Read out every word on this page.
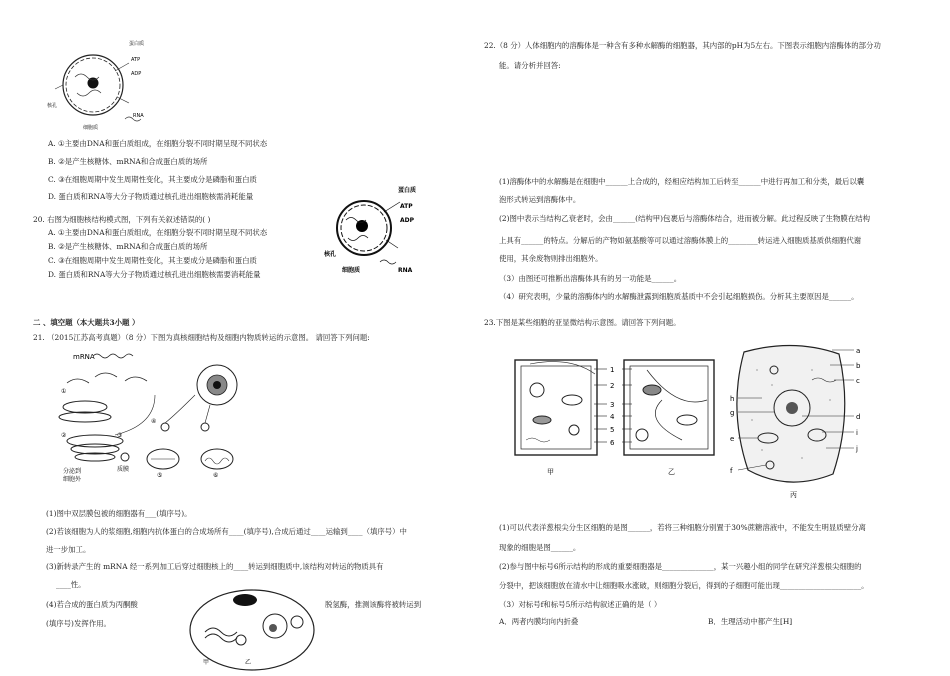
蛋白质
ATP
ADP
核孔
RNA
细胞质
A. ①主要由DNA和蛋白质组成，在细胞分裂不同时期呈现不同状态
B. ②是产生核糖体、mRNA和合成蛋白质的场所
C. ③在细胞周期中发生周期性变化，其主要成分是磷脂和蛋白质
D. 蛋白质和RNA等大分子物质通过核孔进出细胞核需消耗能量
20. 右图为细胞核结构模式图，下列有关叙述错误的( )
A. ①主要由DNA和蛋白质组成，在细胞分裂不同时期呈现不同状态
B. ②是产生核糖体、mRNA和合成蛋白质的场所
C. ③在细胞周期中发生周期性变化，其主要成分是磷脂和蛋白质
D. 蛋白质和RNA等大分子物质通过核孔进出细胞核需要消耗能量
蛋白质
ATP
ADP
核孔
RNA
细胞质
二 、填空题（本大题共3小题 ）
21. （2015江苏高考真题）（8 分）下图为真核细胞结构及细胞内物质转运的示意图。 请回答下列问题:
mRNA
分泌到
细胞外
质膜
①
②	③
④
⑤	⑥
(1)图中双层膜包被的细胞器有___(填序号)。
(2)若该细胞为人的浆细胞,细胞内抗体蛋白的合成场所有____(填序号),合成后通过____运输到____（填序号）中
进一步加工。
(3)新转录产生的 mRNA 经一系列加工后穿过细胞核上的____转运到细胞质中,该结构对转运的物质具有
____性。
(4)若合成的蛋白质为丙酮酸	脱氢酶，推测该酶将被转运到
(填序号)发挥作用。
甲	乙
22.（8 分）人体细胞内的溶酶体是一种含有多种水解酶的细胞器，其内部的pH为5左右。下图表示细胞内溶酶体的部分功
能。请分析并回答:
(1)溶酶体中的水解酶是在细胞中______上合成的，经相应结构加工后转至______中进行再加工和分类，最后以囊
泡形式转运到溶酶体中。
(2)图中表示当结构乙衰老时，会由______(结构甲)包裹后与溶酶体结合，进而被分解。此过程反映了生物膜在结构
上具有______的特点。分解后的产物如氨基酸等可以通过溶酶体膜上的________转运进入细胞质基质供细胞代谢
使用，其余废物则排出细胞外。
（3）由图还可推断出溶酶体具有的另一功能是______。
（4）研究表明，少量的溶酶体内的水解酶泄露到细胞质基质中不会引起细胞损伤。分析其主要原因是______。
23.下图是某些细胞的亚显微结构示意图。请回答下列问题。
甲	乙
1
2
3
4
5
6
丙
a
b
c
d
h
g
e
i
j
f
(1)可以代表洋葱根尖分生区细胞的是图______，若将三种细胞分别置于30%蔗糖溶液中，不能发生明显质壁分离
现象的细胞是图______。
(2)参与图中标号6所示结构的形成的重要细胞器是______________，某一兴趣小组的同学在研究洋葱根尖细胞的
分裂中，把该细胞放在清水中让细胞吸水涨破，则细胞分裂后，得到的子细胞可能出现______________________。
（3）对标号f和标号5所示结构叙述正确的是（ ）
A．两者内膜均向内折叠	B．生理活动中都产生[H]
